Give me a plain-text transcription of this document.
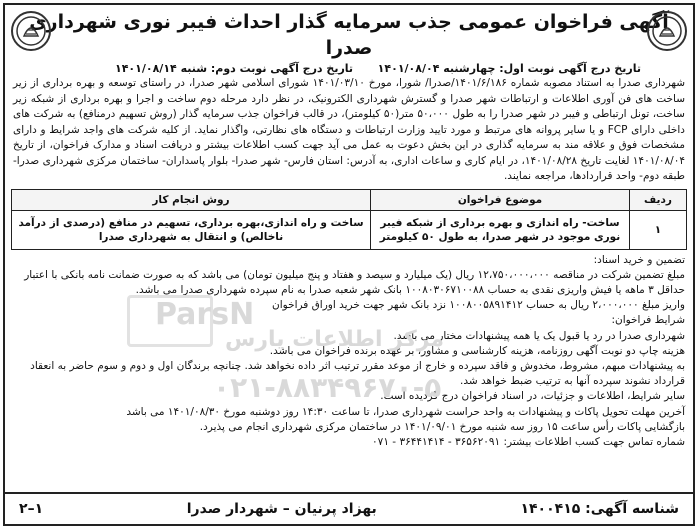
آگهی فراخوان عمومی جذب سرمایه گذار احداث فیبر نوری شهرداری صدرا
تاریخ درج آگهی نوبت اول: چهارشنبه ۱۴۰۱/۰۸/۰۴
تاریخ درج آگهی نوبت دوم: شنبه ۱۴۰۱/۰۸/۱۴

شهرداری صدرا به استناد مصوبه شماره ۱۴۰۱/۶/۱۸۶/صدرا/ شورا، مورخ ۱۴۰۱/۰۳/۱۰ شورای اسلامی شهر صدرا، در راستای توسعه و بهره برداری از زیر ساخت های فن آوری اطلاعات و ارتباطات شهر صدرا و گسترش شهرداری الکترونیک، در نظر دارد مرحله دوم ساخت و اجرا و بهره برداری از شبکه زیر ساخت، تونل ارتباطی و فیبر در شهر صدرا را به طول ۵۰،۰۰۰ متر(۵۰ کیلومتر)، در قالب فراخوان جذب سرمایه گذار (روش تسهیم درمنافع) به شرکت های داخلی دارای FCP و یا سایر پروانه های مرتبط و مورد تایید وزارت ارتباطات و دستگاه های نظارتی، واگذار نماید. از کلیه شرکت های واجد شرایط و دارای مشخصات فوق و علاقه مند به سرمایه گذاری در این بخش دعوت به عمل می آید جهت کسب اطلاعات بیشتر و دریافت اسناد و مدارک فراخوان، از تاریخ ۱۴۰۱/۰۸/۰۴ لغایت تاریخ ۱۴۰۱/۰۸/۲۸، در ایام کاری و ساعات اداری، به آدرس: استان فارس- شهر صدرا- بلوار پاسداران- ساختمان مرکزی شهرداری صدرا- طبقه دوم- واحد قراردادها، مراجعه نمایند.

ردیف	موضوع فراخوان	روش انجام کار
۱	ساخت- راه اندازی و بهره برداری از شبکه فیبر نوری موجود در شهر صدرا، به طول ۵۰ کیلومتر	ساخت و راه اندازی،بهره برداری، تسهیم در منافع (درصدی از درآمد ناخالص) و انتقال به شهرداری صدرا

تضمین و خرید اسناد:

مبلغ تضمین شرکت در مناقصه ۱۲،۷۵۰،۰۰۰،۰۰۰ ریال (یک میلیارد و سیصد و هفتاد و پنج میلیون تومان) می باشد که به صورت ضمانت نامه بانکی با اعتبار حداقل ۳ ماهه یا فیش واریزی نقدی به حساب ۱۰۰۸۰۳۰۶۷۱۰۰۸۸ بانک شهر شعبه صدرا به نام سپرده شهرداری صدرا می باشد.

واریز مبلغ ۲،۰۰۰،۰۰۰ ریال به حساب ۱۰۰۸۰۰۵۸۹۱۴۱۲ نزد بانک شهر جهت خرید اوراق فراخوان

شرایط فراخوان:

شهرداری صدرا در رد یا قبول یک یا همه پیشنهادات مختار می باشد.

هزینه چاپ دو نوبت آگهی روزنامه، هزینه کارشناسی و مشاور، بر عهده برنده فراخوان می باشد.

به پیشنهادات مبهم، مشروط، مخدوش و فاقد سپرده و خارج از موعد مقرر ترتیب اثر داده نخواهد شد. چنانچه برندگان اول و دوم و سوم حاضر به انعقاد قرارداد نشوند سپرده آنها به ترتیب ضبط خواهد شد.

سایر شرایط، اطلاعات و جزئیات، در اسناد فراخوان درج گردیده است.

آخرین مهلت تحویل پاکات و پیشنهادات به واحد حراست شهرداری صدرا، تا ساعت ۱۴:۳۰ روز دوشنبه مورخ ۱۴۰۱/۰۸/۳۰ می باشد

بازگشایی پاکات رأس ساعت ۱۵ روز سه شنبه مورخ ۱۴۰۱/۰۹/۰۱ در ساختمان مرکزی شهرداری انجام می پذیرد.

شماره تماس جهت کسب اطلاعات بیشتر: ۳۶۵۶۲۰۹۱ - ۳۶۴۴۱۴۱۴ - ۰۷۱

ParsN
مرکز اطلاعات پارس
۰۲۱-۸۸۳۴۹۶۷۰-۵
شناسه آگهی: ۱۴۰۰۴۱۵
بهزاد پرنیان – شهردار صدرا
۱–۲
